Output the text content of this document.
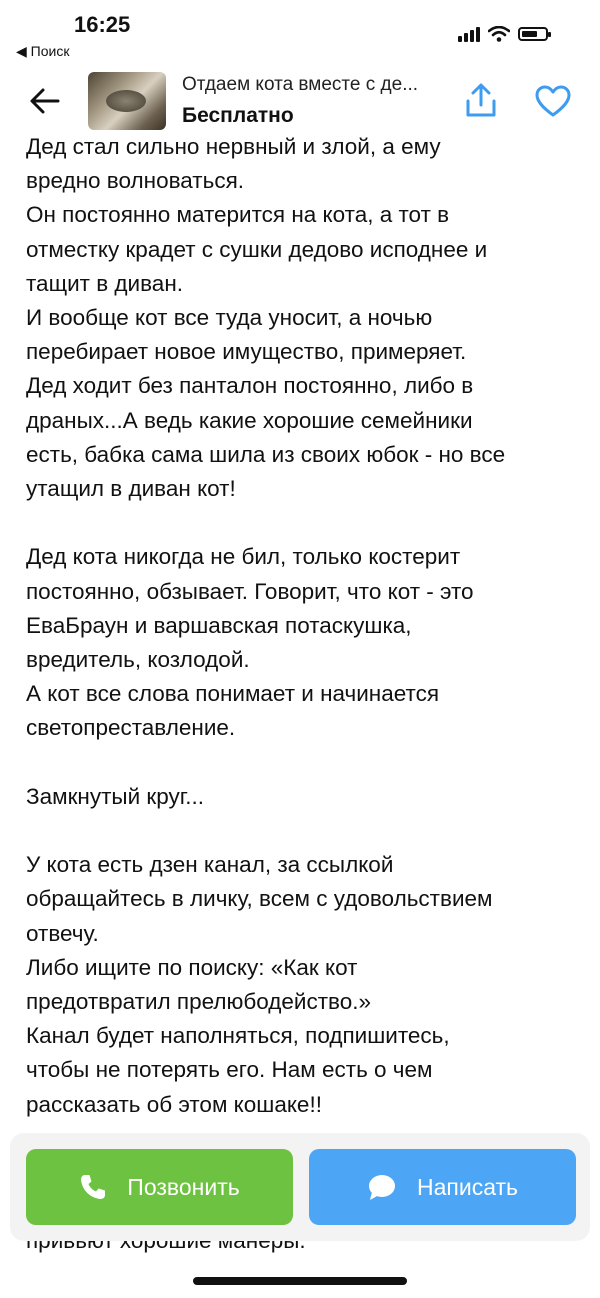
16:25
◀ Поиск
Отдаем кота вместе с де...
Бесплатно

Дед стал сильно нервный и злой, а ему
вредно волноваться.
Он постоянно матерится на кота, а тот в
отместку крадет с сушки дедово исподнее и
тащит в диван.
И вообще кот все туда уносит, а ночью
перебирает новое имущество, примеряет.
Дед ходит без панталон постоянно, либо в
драных...А ведь какие хорошие семейники
есть, бабка сама шила из своих юбок - но все
утащил в диван кот!

Дед кота никогда не бил, только костерит
постоянно, обзывает. Говорит, что кот - это
ЕваБраун и варшавская потаскушка,
вредитель, козлодой.
А кот все слова понимает и начинается
светопреставление.

Замкнутый круг...

У кота есть дзен канал, за ссылкой
обращайтесь в личку, всем с удовольствием
отвечу.
Либо ищите по поиску: «Как кот
предотвратил прелюбодейство.»
Канал будет наполняться, подпишитесь,
чтобы не потерять его. Нам есть о чем
рассказать об этом кошаке!!

Позвонить	Написать
